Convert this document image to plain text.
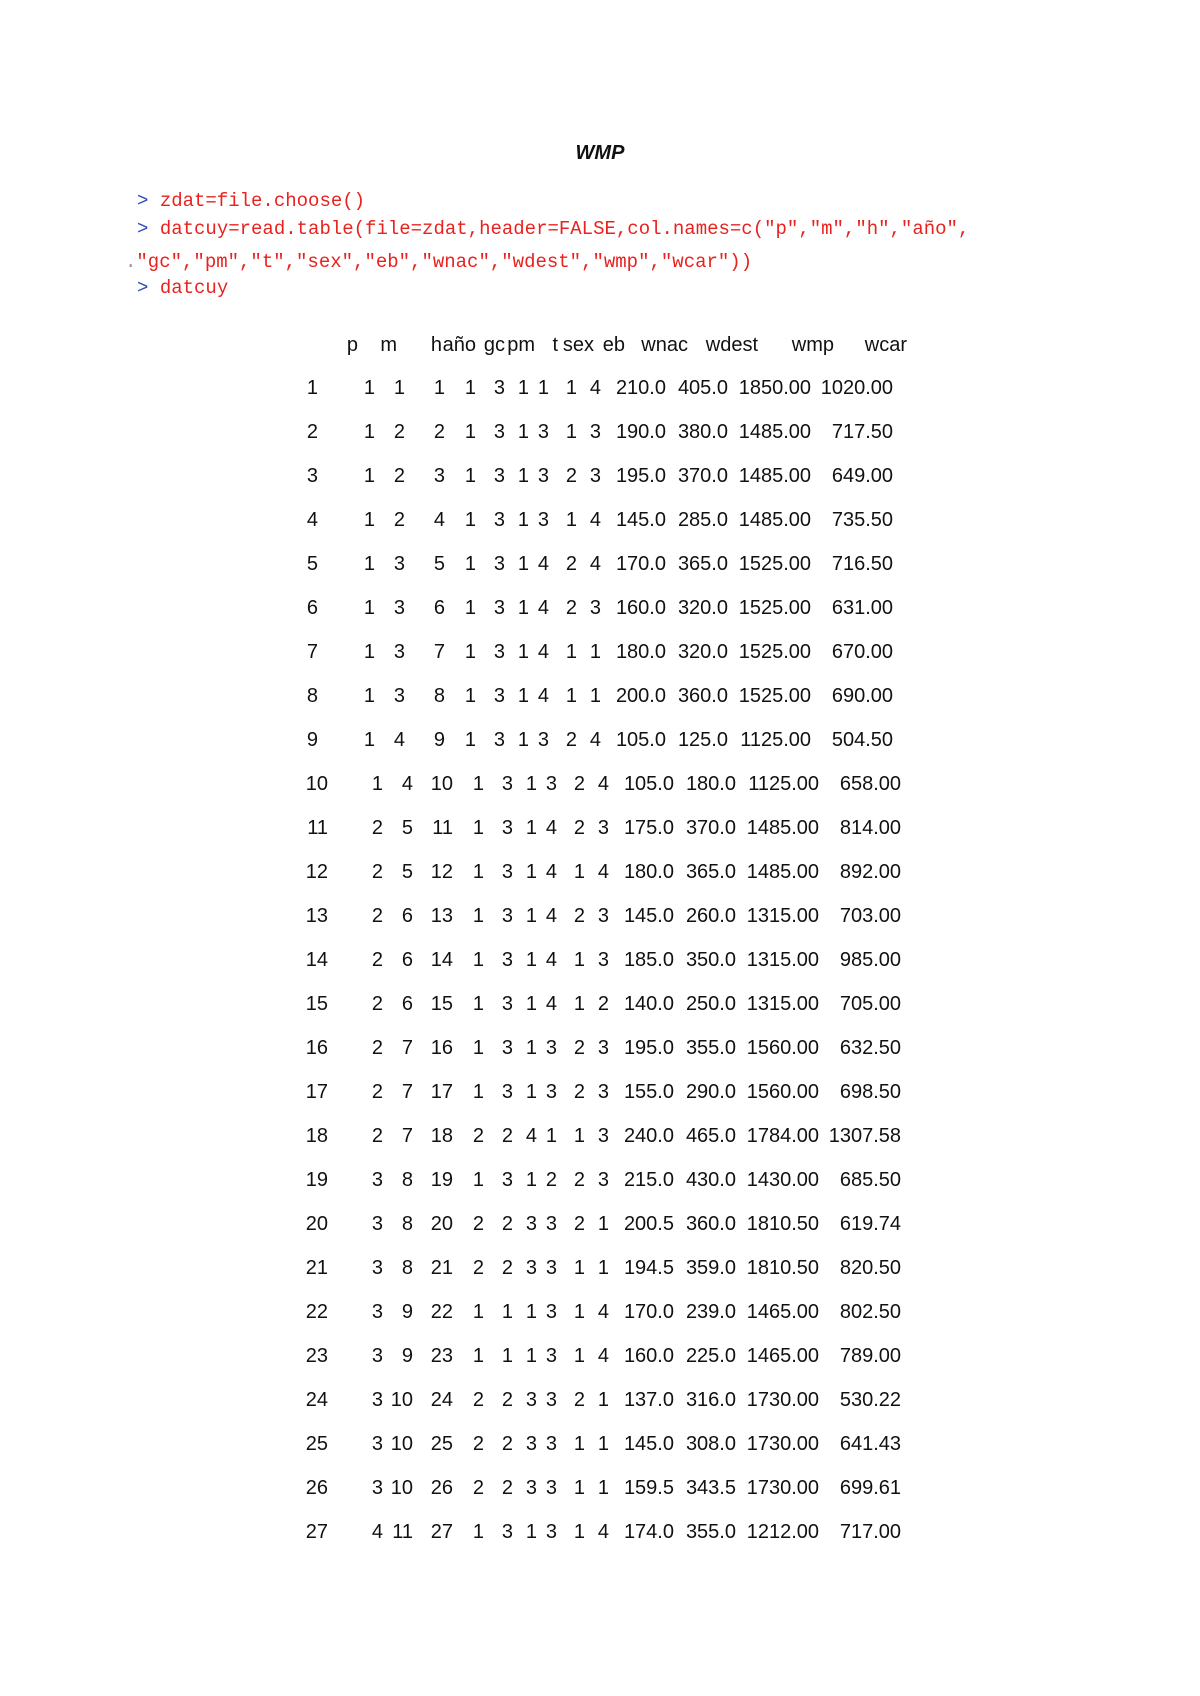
WMP
> zdat=file.choose()
> datcuy=read.table(file=zdat,header=FALSE,col.names=c("p","m","h","año",
."gc","pm","t","sex","eb","wnac","wdest","wmp","wcar"))
> datcuy
p m h año gc pm t sex eb wnac wdest wmp wcar
1 1 1 1 1 3 1 1 1 4 210.0 405.0 1850.00 1020.00
2 1 2 2 1 3 1 3 1 3 190.0 380.0 1485.00 717.50
3 1 2 3 1 3 1 3 2 3 195.0 370.0 1485.00 649.00
4 1 2 4 1 3 1 3 1 4 145.0 285.0 1485.00 735.50
5 1 3 5 1 3 1 4 2 4 170.0 365.0 1525.00 716.50
6 1 3 6 1 3 1 4 2 3 160.0 320.0 1525.00 631.00
7 1 3 7 1 3 1 4 1 1 180.0 320.0 1525.00 670.00
8 1 3 8 1 3 1 4 1 1 200.0 360.0 1525.00 690.00
9 1 4 9 1 3 1 3 2 4 105.0 125.0 1125.00 504.50
10 1 4 10 1 3 1 3 2 4 105.0 180.0 1125.00 658.00
11 2 5 11 1 3 1 4 2 3 175.0 370.0 1485.00 814.00
12 2 5 12 1 3 1 4 1 4 180.0 365.0 1485.00 892.00
13 2 6 13 1 3 1 4 2 3 145.0 260.0 1315.00 703.00
14 2 6 14 1 3 1 4 1 3 185.0 350.0 1315.00 985.00
15 2 6 15 1 3 1 4 1 2 140.0 250.0 1315.00 705.00
16 2 7 16 1 3 1 3 2 3 195.0 355.0 1560.00 632.50
17 2 7 17 1 3 1 3 2 3 155.0 290.0 1560.00 698.50
18 2 7 18 2 2 4 1 1 3 240.0 465.0 1784.00 1307.58
19 3 8 19 1 3 1 2 2 3 215.0 430.0 1430.00 685.50
20 3 8 20 2 2 3 3 2 1 200.5 360.0 1810.50 619.74
21 3 8 21 2 2 3 3 1 1 194.5 359.0 1810.50 820.50
22 3 9 22 1 1 1 3 1 4 170.0 239.0 1465.00 802.50
23 3 9 23 1 1 1 3 1 4 160.0 225.0 1465.00 789.00
24 3 10 24 2 2 3 3 2 1 137.0 316.0 1730.00 530.22
25 3 10 25 2 2 3 3 1 1 145.0 308.0 1730.00 641.43
26 3 10 26 2 2 3 3 1 1 159.5 343.5 1730.00 699.61
27 4 11 27 1 3 1 3 1 4 174.0 355.0 1212.00 717.00
